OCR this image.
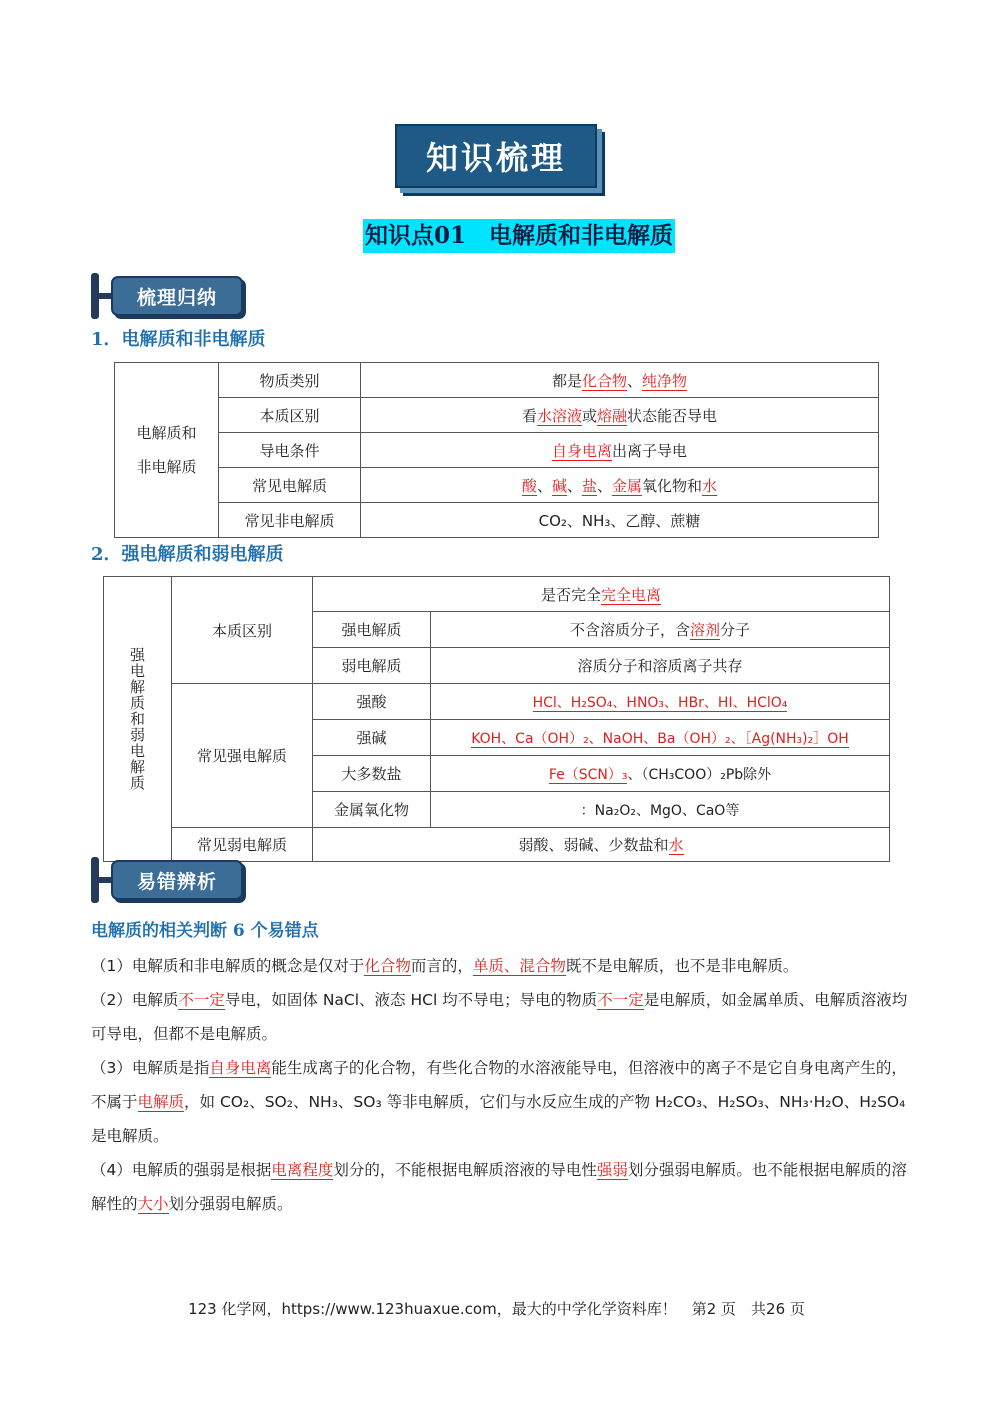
知识梳理
知识点01　电解质和非电解质
梳理归纳
1．电解质和非电解质
电解质和
非电解质	物质类别	都是化合物、纯净物
	本质区别	看水溶液或熔融状态能否导电
	导电条件	自身电离出离子导电
	常见电解质	酸、碱、盐、金属氧化物和水
	常见非电解质	CO₂、NH₃、乙醇、蔗糖
2．强电解质和弱电解质
强电解质和弱电解质	本质区别	是否完全完全电离	
		强电解质	不含溶质分子，含溶剂分子
		弱电解质	溶质分子和溶质离子共存
	常见强电解质	强酸	HCl、H₂SO₄、HNO₃、HBr、HI、HClO₄
		强碱	KOH、Ca（OH）₂、NaOH、Ba（OH）₂、［Ag(NH₃)₂］OH
		大多数盐	Fe（SCN）₃、（CH₃COO）₂Pb除外
		金属氧化物	：Na₂O₂、MgO、CaO等
	常见弱电解质	弱酸、弱碱、少数盐和水	
易错辨析
电解质的相关判断 6 个易错点

（1）电解质和非电解质的概念是仅对于化合物而言的，单质、混合物既不是电解质，也不是非电解质。

（2）电解质不一定导电，如固体 NaCl、液态 HCl 均不导电；导电的物质不一定是电解质，如金属单质、电解质溶液均可导电，但都不是电解质。

（3）电解质是指自身电离能生成离子的化合物，有些化合物的水溶液能导电，但溶液中的离子不是它自身电离产生的，不属于电解质，如 CO₂、SO₂、NH₃、SO₃ 等非电解质，它们与水反应生成的产物 H₂CO₃、H₂SO₃、NH₃·H₂O、H₂SO₄ 是电解质。

（4）电解质的强弱是根据电离程度划分的，不能根据电解质溶液的导电性强弱划分强弱电解质。也不能根据电解质的溶解性的大小划分强弱电解质。

123 化学网，https://www.123huaxue.com，最大的中学化学资料库！　第2 页　共26 页
